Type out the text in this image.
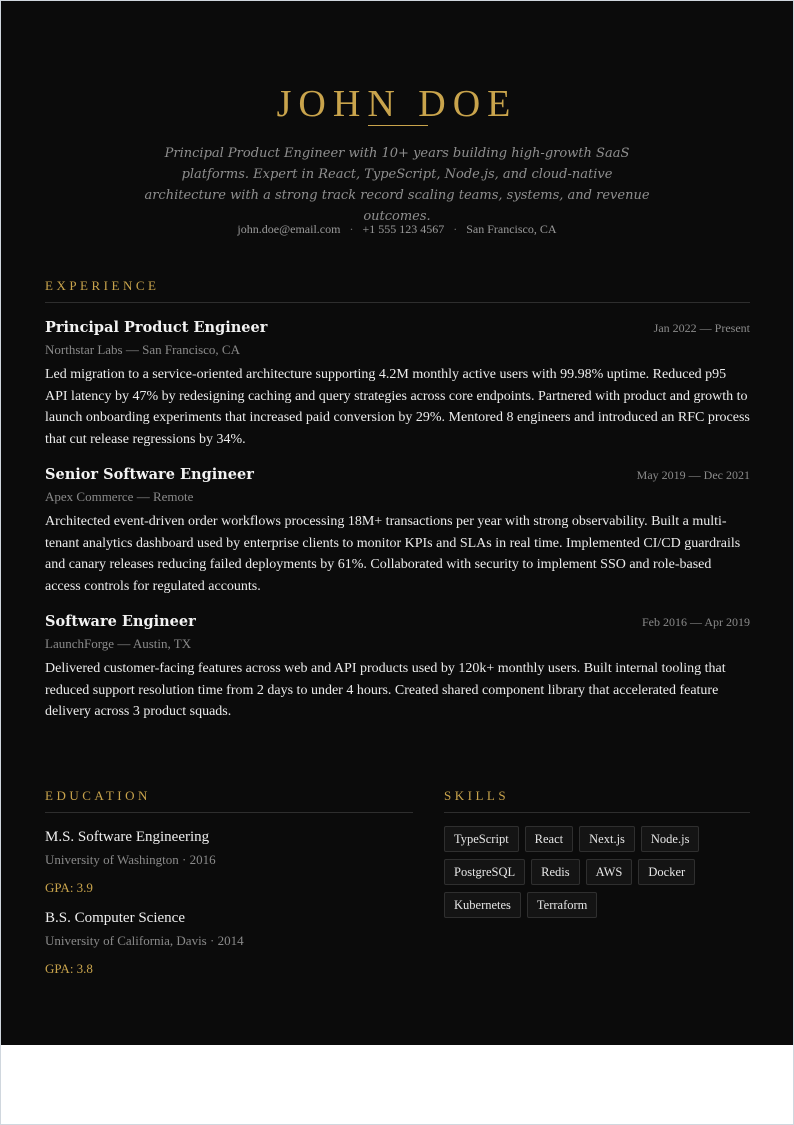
JOHN DOE

Principal Product Engineer with 10+ years building high-growth SaaS platforms. Expert in React, TypeScript, Node.js, and cloud-native architecture with a strong track record scaling teams, systems, and revenue outcomes.

john.doe@email.com · +1 555 123 4567 · San Francisco, CA
EXPERIENCE
Principal Product Engineer	Jan 2022 — Present
Northstar Labs — San Francisco, CA
Led migration to a service-oriented architecture supporting 4.2M monthly active users with 99.98% uptime. Reduced p95 API latency by 47% by redesigning caching and query strategies across core endpoints. Partnered with product and growth to launch onboarding experiments that increased paid conversion by 29%. Mentored 8 engineers and introduced an RFC process that cut release regressions by 34%.
Senior Software Engineer	May 2019 — Dec 2021
Apex Commerce — Remote
Architected event-driven order workflows processing 18M+ transactions per year with strong observability. Built a multi-tenant analytics dashboard used by enterprise clients to monitor KPIs and SLAs in real time. Implemented CI/CD guardrails and canary releases reducing failed deployments by 61%. Collaborated with security to implement SSO and role-based access controls for regulated accounts.
Software Engineer	Feb 2016 — Apr 2019
LaunchForge — Austin, TX
Delivered customer-facing features across web and API products used by 120k+ monthly users. Built internal tooling that reduced support resolution time from 2 days to under 4 hours. Created shared component library that accelerated feature delivery across 3 product squads.
EDUCATION
M.S. Software Engineering
University of Washington · 2016
GPA: 3.9
B.S. Computer Science
University of California, Davis · 2014
GPA: 3.8
SKILLS
TypeScript	React	Next.js	Node.js
PostgreSQL	Redis	AWS	Docker
Kubernetes	Terraform
